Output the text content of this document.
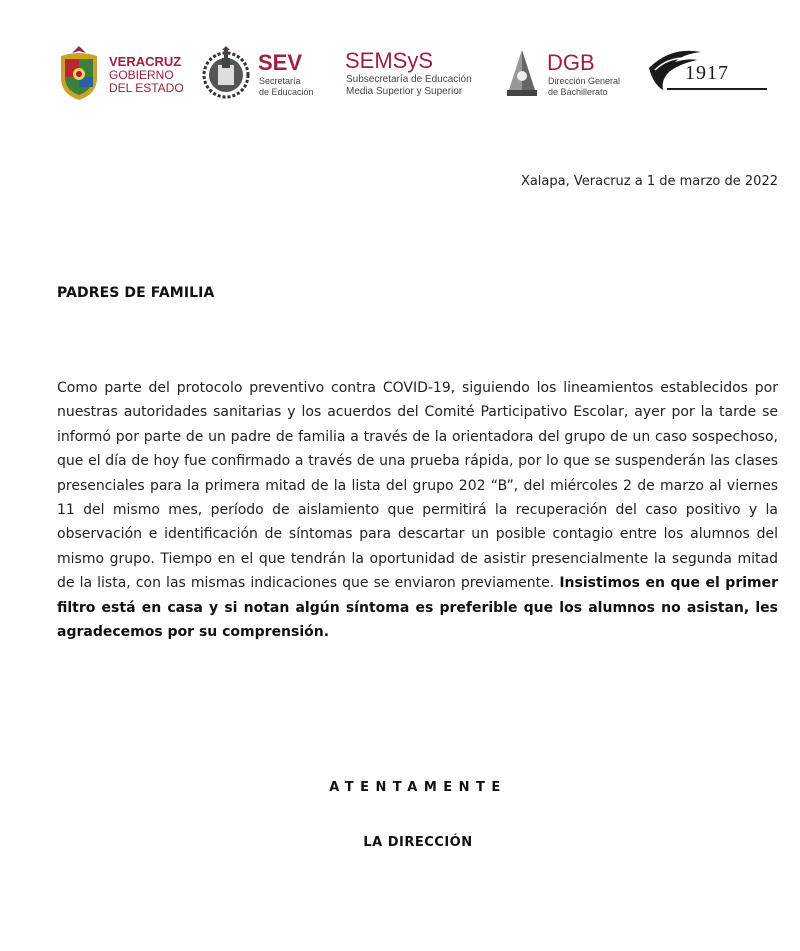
VERACRUZ
GOBIERNO
DEL ESTADO
SEV
Secretaría
de Educación
SEMSyS
Subsecretaría de Educación
Media Superior y Superior
DGB
Dirección General
de Bachillerato
1917
Xalapa, Veracruz a 1 de marzo de 2022
PADRES DE FAMILIA
Como parte del protocolo preventivo contra COVID-19, siguiendo los lineamientos establecidos por nuestras autoridades sanitarias y los acuerdos del Comité Participativo Escolar, ayer por la tarde se informó por parte de un padre de familia a través de la orientadora del grupo de un caso sospechoso, que el día de hoy fue confirmado a través de una prueba rápida, por lo que se suspenderán las clases presenciales para la primera mitad de la lista del grupo 202 “B”, del miércoles 2 de marzo al viernes 11 del mismo mes, período de aislamiento que permitirá la recuperación del caso positivo y la observación e identificación de síntomas para descartar un posible contagio entre los alumnos del mismo grupo. Tiempo en el que tendrán la oportunidad de asistir presencialmente la segunda mitad de la lista, con las mismas indicaciones que se enviaron previamente. Insistimos en que el primer filtro está en casa y si notan algún síntoma es preferible que los alumnos no asistan, les agradecemos por su comprensión.
ATENTAMENTE
LA DIRECCIÓN
